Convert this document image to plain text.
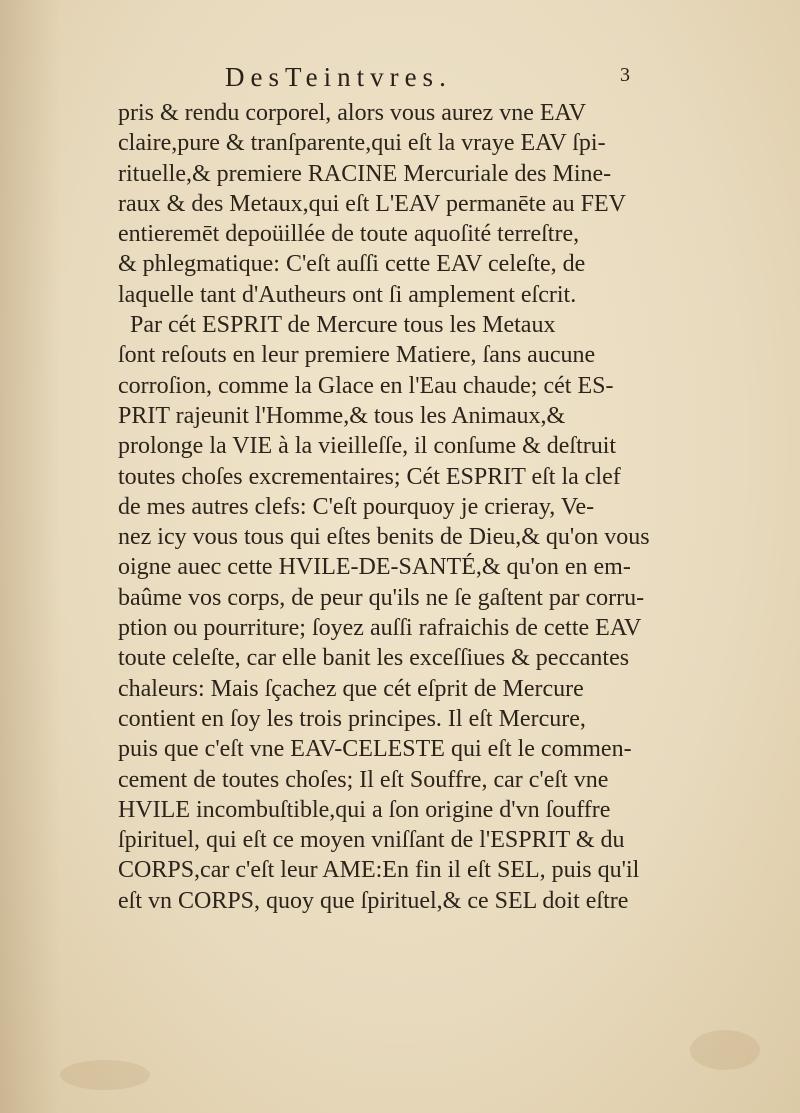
DesTeintvres.	3
pris & rendu corporel, alors vous aurez vne EAV
claire,pure & tranſparente,qui eſt la vraye EAV ſpi-
rituelle,& premiere RACINE Mercuriale des Mine-
raux & des Metaux,qui eſt L'EAV permanēte au FEV
entieremēt depoüillée de toute aquoſité terreſtre,
& phlegmatique: C'eſt auſſi cette EAV celeſte, de
laquelle tant d'Autheurs ont ſi amplement eſcrit.
Par cét ESPRIT de Mercure tous les Metaux
ſont reſouts en leur premiere Matiere, ſans aucune
corroſion, comme la Glace en l'Eau chaude; cét ES-
PRIT rajeunit l'Homme,& tous les Animaux,&
prolonge la VIE à la vieilleſſe, il conſume & deſtruit
toutes choſes excrementaires; Cét ESPRIT eſt la clef
de mes autres clefs: C'eſt pourquoy je crieray, Ve-
nez icy vous tous qui eſtes benits de Dieu,& qu'on vous
oigne auec cette HVILE-DE-SANTÉ,& qu'on en em-
baûme vos corps, de peur qu'ils ne ſe gaſtent par corru-
ption ou pourriture; ſoyez auſſi rafraichis de cette EAV
toute celeſte, car elle banit les exceſſiues & peccantes
chaleurs: Mais ſçachez que cét eſprit de Mercure
contient en ſoy les trois principes. Il eſt Mercure,
puis que c'eſt vne EAV-CELESTE qui eſt le commen-
cement de toutes choſes; Il eſt Souffre, car c'eſt vne
HVILE incombuſtible,qui a ſon origine d'vn ſouffre
ſpirituel, qui eſt ce moyen vniſſant de l'ESPRIT & du
CORPS,car c'eſt leur AME:En fin il eſt SEL, puis qu'il
eſt vn CORPS, quoy que ſpirituel,& ce SEL doit eſtre
